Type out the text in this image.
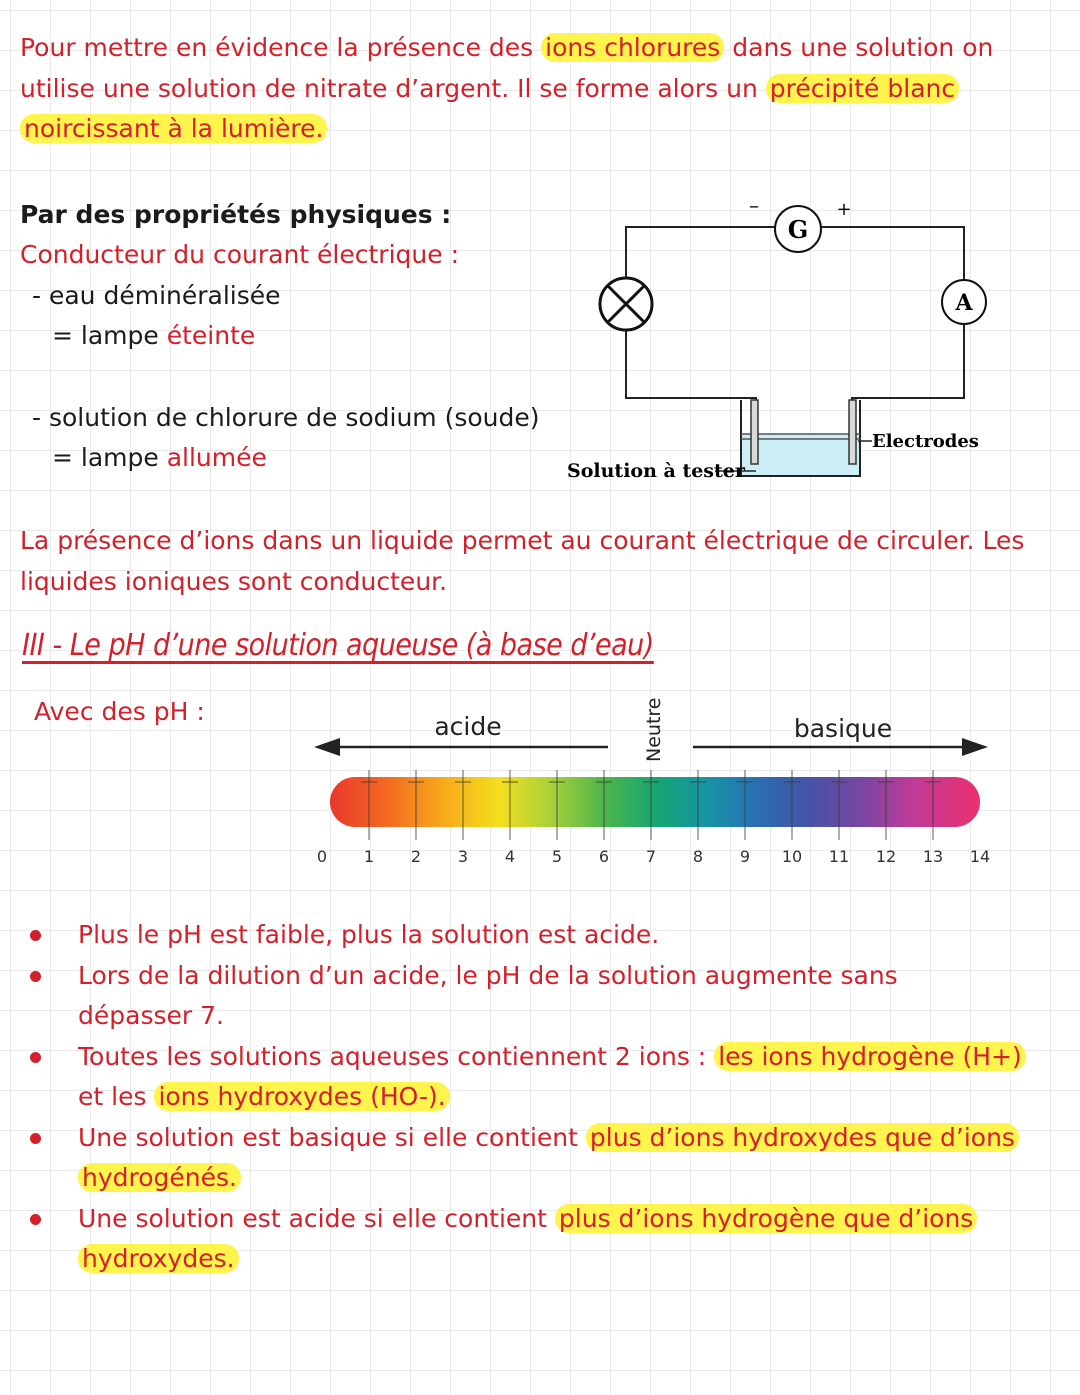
Pour mettre en évidence la présence des ions chlorures dans une solution on utilise une solution de nitrate d’argent. Il se forme alors un précipité blanc noircissant à la lumière.
Par des propriétés physiques :
Conducteur du courant électrique :
- eau déminéralisée
= lampe éteinte
- solution de chlorure de sodium (soude)
= lampe allumée
G
–	+
A
Electrodes
Solution à tester
La présence d’ions dans un liquide permet au courant électrique de circuler. Les liquides ioniques sont conducteur.
III - Le pH d’une solution aqueuse (à base d’eau)
Avec des pH :
acide	basique
Neutre
0 1 2 3 4 5 6 7 8 9 10 11 12 13 14
Plus le pH est faible, plus la solution est acide.
Lors de la dilution d’un acide, le pH de la solution augmente sans dépasser 7.
Toutes les solutions aqueuses contiennent 2 ions : les ions hydrogène (H+) et les ions hydroxydes (HO-).
Une solution est basique si elle contient plus d’ions hydroxydes que d’ions hydrogénés.
Une solution est acide si elle contient plus d’ions hydrogène que d’ions hydroxydes.
